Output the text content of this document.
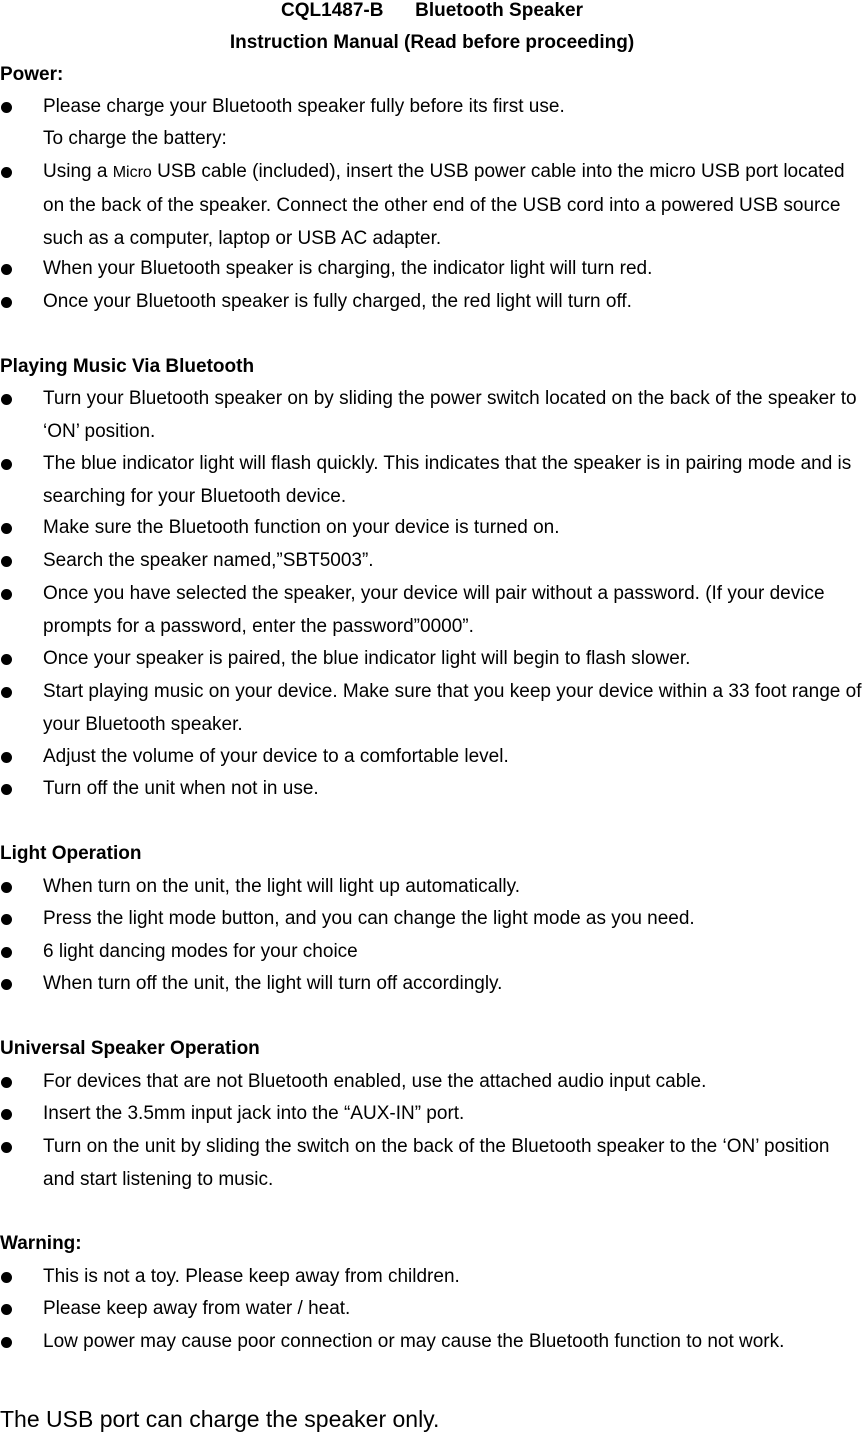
CQL1487-B      Bluetooth Speaker
Instruction Manual (Read before proceeding)
Power:
Please charge your Bluetooth speaker fully before its first use.
To charge the battery:
Using a Micro USB cable (included), insert the USB power cable into the micro USB port located on the back of the speaker. Connect the other end of the USB cord into a powered USB source such as a computer, laptop or USB AC adapter.
When your Bluetooth speaker is charging, the indicator light will turn red.
Once your Bluetooth speaker is fully charged, the red light will turn off.
Playing Music Via Bluetooth
Turn your Bluetooth speaker on by sliding the power switch located on the back of the speaker to ‘ON’ position.
The blue indicator light will flash quickly. This indicates that the speaker is in pairing mode and is searching for your Bluetooth device.
Make sure the Bluetooth function on your device is turned on.
Search the speaker named,”SBT5003”.
Once you have selected the speaker, your device will pair without a password. (If your device prompts for a password, enter the password”0000”.
Once your speaker is paired, the blue indicator light will begin to flash slower.
Start playing music on your device. Make sure that you keep your device within a 33 foot range of your Bluetooth speaker.
Adjust the volume of your device to a comfortable level.
Turn off the unit when not in use.
Light Operation
When turn on the unit, the light will light up automatically.
Press the light mode button, and you can change the light mode as you need.
6 light dancing modes for your choice
When turn off the unit, the light will turn off accordingly.
Universal Speaker Operation
For devices that are not Bluetooth enabled, use the attached audio input cable.
Insert the 3.5mm input jack into the “AUX-IN” port.
Turn on the unit by sliding the switch on the back of the Bluetooth speaker to the ‘ON’ position and start listening to music.
Warning:
This is not a toy. Please keep away from children.
Please keep away from water / heat.
Low power may cause poor connection or may cause the Bluetooth function to not work.
The USB port can charge the speaker only.
